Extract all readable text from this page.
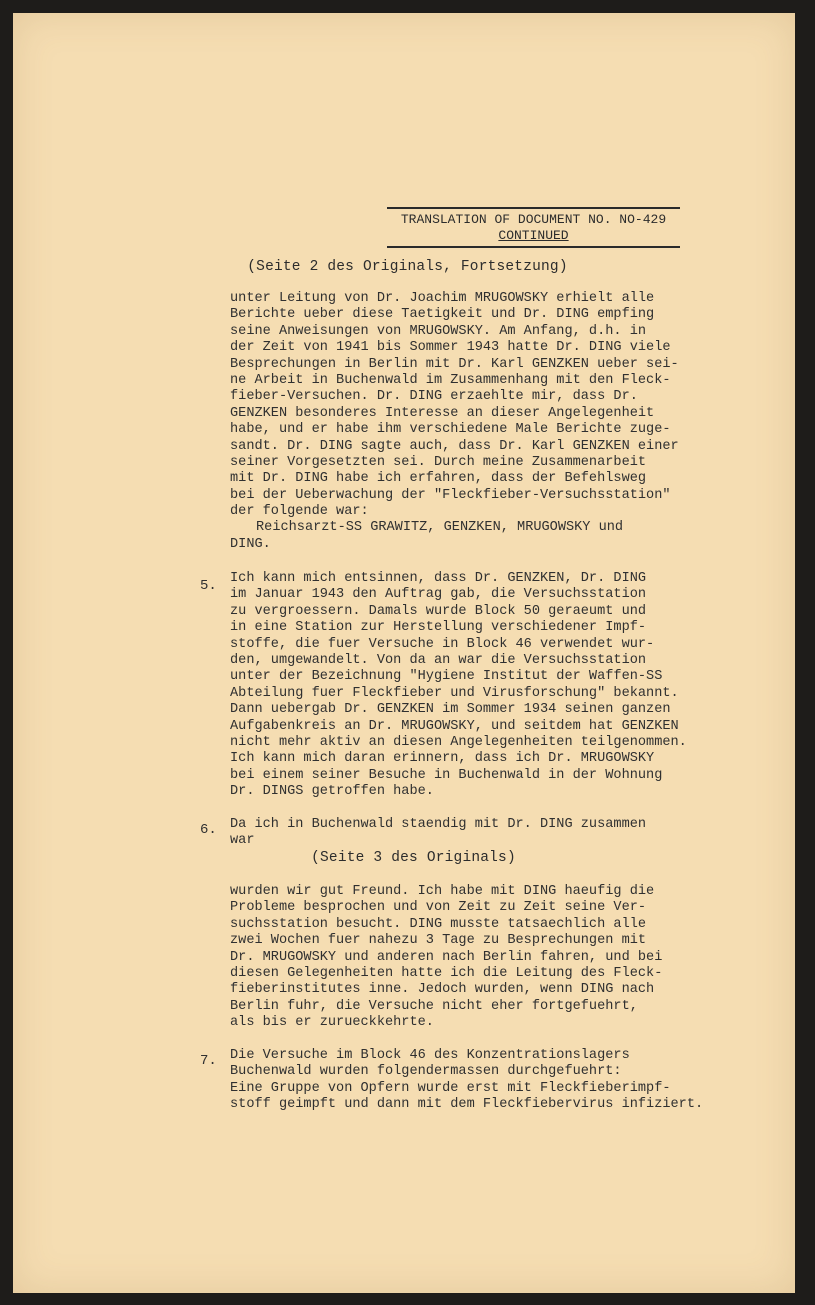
TRANSLATION OF DOCUMENT NO. NO-429
CONTINUED
(Seite 2 des Originals, Fortsetzung)
unter Leitung von Dr. Joachim MRUGOWSKY erhielt alle
Berichte ueber diese Taetigkeit und Dr. DING empfing
seine Anweisungen von MRUGOWSKY. Am Anfang, d.h. in
der Zeit von 1941 bis Sommer 1943 hatte Dr. DING viele
Besprechungen in Berlin mit Dr. Karl GENZKEN ueber sei-
ne Arbeit in Buchenwald im Zusammenhang mit den Fleck-
fieber-Versuchen. Dr. DING erzaehlte mir, dass Dr.
GENZKEN besonderes Interesse an dieser Angelegenheit
habe, und er habe ihm verschiedene Male Berichte zuge-
sandt. Dr. DING sagte auch, dass Dr. Karl GENZKEN einer
seiner Vorgesetzten sei. Durch meine Zusammenarbeit
mit Dr. DING habe ich erfahren, dass der Befehlsweg
bei der Ueberwachung der "Fleckfieber-Versuchsstation"
der folgende war:
Reichsarzt-SS GRAWITZ, GENZKEN, MRUGOWSKY und
DING.
5. Ich kann mich entsinnen, dass Dr. GENZKEN, Dr. DING
im Januar 1943 den Auftrag gab, die Versuchsstation
zu vergroessern. Damals wurde Block 50 geraeumt und
in eine Station zur Herstellung verschiedener Impf-
stoffe, die fuer Versuche in Block 46 verwendet wur-
den, umgewandelt. Von da an war die Versuchsstation
unter der Bezeichnung "Hygiene Institut der Waffen-SS
Abteilung fuer Fleckfieber und Virusforschung" bekannt.
Dann uebergab Dr. GENZKEN im Sommer 1934 seinen ganzen
Aufgabenkreis an Dr. MRUGOWSKY, und seitdem hat GENZKEN
nicht mehr aktiv an diesen Angelegenheiten teilgenommen.
Ich kann mich daran erinnern, dass ich Dr. MRUGOWSKY
bei einem seiner Besuche in Buchenwald in der Wohnung
Dr. DINGS getroffen habe.
6. Da ich in Buchenwald staendig mit Dr. DING zusammen
war
(Seite 3 des Originals)
wurden wir gut Freund. Ich habe mit DING haeufig die
Probleme besprochen und von Zeit zu Zeit seine Ver-
suchsstation besucht. DING musste tatsaechlich alle
zwei Wochen fuer nahezu 3 Tage zu Besprechungen mit
Dr. MRUGOWSKY und anderen nach Berlin fahren, und bei
diesen Gelegenheiten hatte ich die Leitung des Fleck-
fieberinstitutes inne. Jedoch wurden, wenn DING nach
Berlin fuhr, die Versuche nicht eher fortgefuehrt,
als bis er zurueckkehrte.
7. Die Versuche im Block 46 des Konzentrationslagers
Buchenwald wurden folgendermassen durchgefuehrt:
Eine Gruppe von Opfern wurde erst mit Fleckfieberimpf-
stoff geimpft und dann mit dem Fleckfiebervirus infiziert.
